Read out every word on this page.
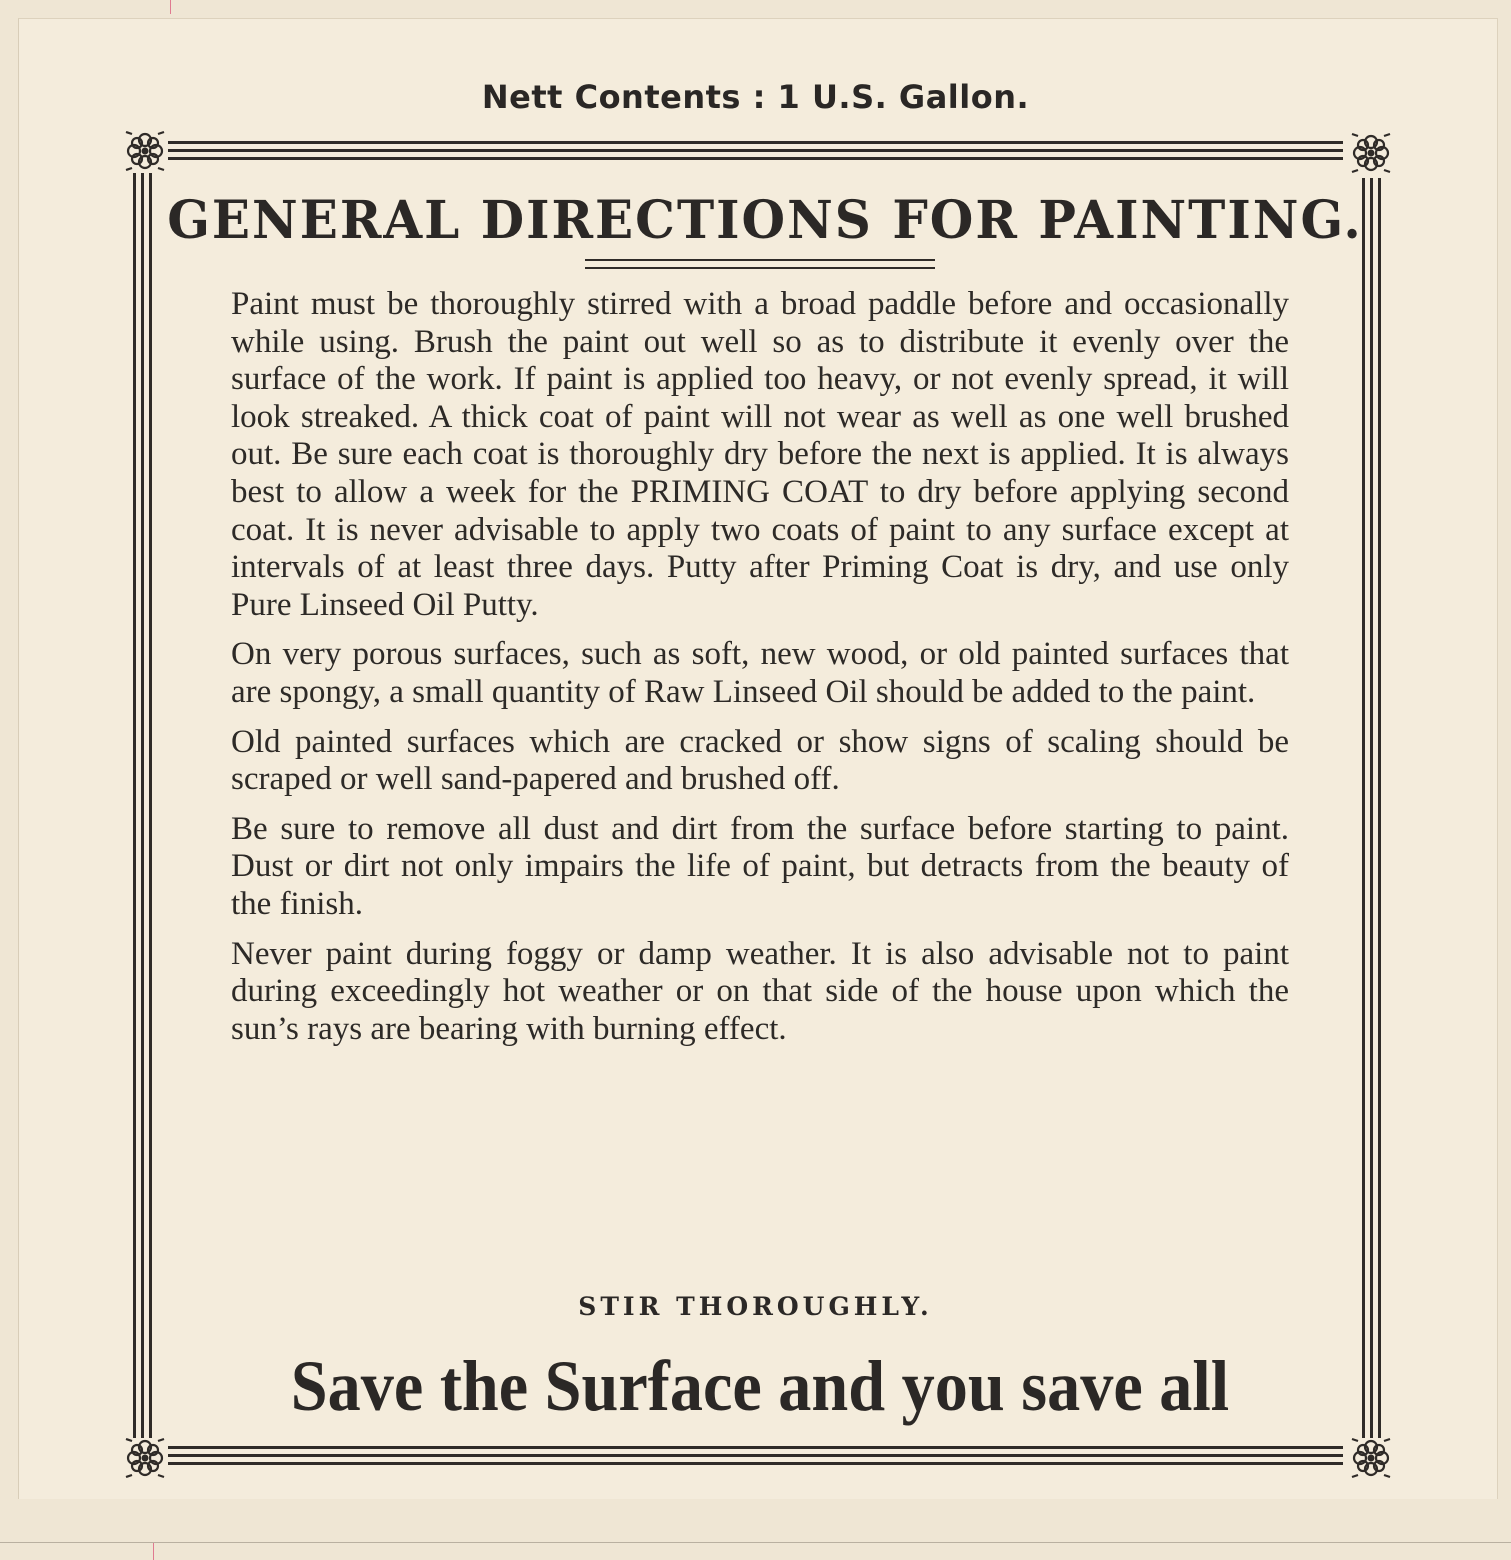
Nett Contents : 1 U.S. Gallon.
GENERAL DIRECTIONS FOR PAINTING.

Paint must be thoroughly stirred with a broad paddle before and occasionally while using. Brush the paint out well so as to distribute it evenly over the surface of the work. If paint is applied too heavy, or not evenly spread, it will look streaked. A thick coat of paint will not wear as well as one well brushed out. Be sure each coat is thoroughly dry before the next is applied. It is always best to allow a week for the PRIMING COAT to dry before applying second coat. It is never advisable to apply two coats of paint to any surface except at intervals of at least three days. Putty after Priming Coat is dry, and use only Pure Linseed Oil Putty.

On very porous surfaces, such as soft, new wood, or old painted surfaces that are spongy, a small quantity of Raw Linseed Oil should be added to the paint.

Old painted surfaces which are cracked or show signs of scaling should be scraped or well sand-papered and brushed off.

Be sure to remove all dust and dirt from the surface before starting to paint. Dust or dirt not only impairs the life of paint, but detracts from the beauty of the finish.

Never paint during foggy or damp weather. It is also advisable not to paint during exceedingly hot weather or on that side of the house upon which the sun’s rays are bearing with burning effect.

STIR THOROUGHLY.
Save the Surface and you save all
